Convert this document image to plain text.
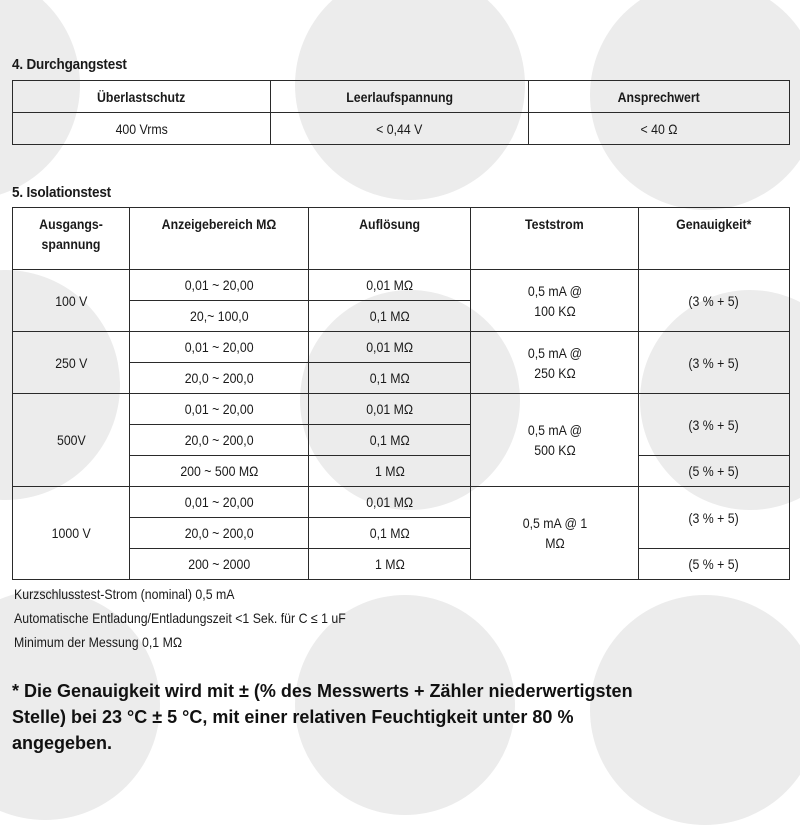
4. Durchgangstest
Überlastschutz	Leerlaufspannung	Ansprechwert
400 Vrms	< 0,44 V	< 40 Ω
5. Isolationstest
Ausgangs-spannung	Anzeigebereich MΩ	Auflösung	Teststrom	Genauigkeit*
100 V	0,01 ~ 20,00	0,01 MΩ	0,5 mA @ 100 KΩ	(3 % + 5)
	20,~ 100,0	0,1 MΩ		
250 V	0,01 ~ 20,00	0,01 MΩ	0,5 mA @ 250 KΩ	(3 % + 5)
	20,0 ~ 200,0	0,1 MΩ		
500V	0,01 ~ 20,00	0,01 MΩ	0,5 mA @ 500 KΩ	(3 % + 5)
	20,0 ~ 200,0	0,1 MΩ		
	200 ~ 500 MΩ	1 MΩ		(5 % + 5)
1000 V	0,01 ~ 20,00	0,01 MΩ	0,5 mA @ 1 MΩ	(3 % + 5)
	20,0 ~ 200,0	0,1 MΩ		
	200 ~ 2000	1 MΩ		(5 % + 5)
Kurzschlusstest-Strom (nominal) 0,5 mA
Automatische Entladung/Entladungszeit <1 Sek. für C ≤ 1 uF
Minimum der Messung 0,1 MΩ
* Die Genauigkeit wird mit ± (% des Messwerts + Zähler niederwertigsten Stelle) bei 23 °C ± 5 °C, mit einer relativen Feuchtigkeit unter 80 % angegeben.
